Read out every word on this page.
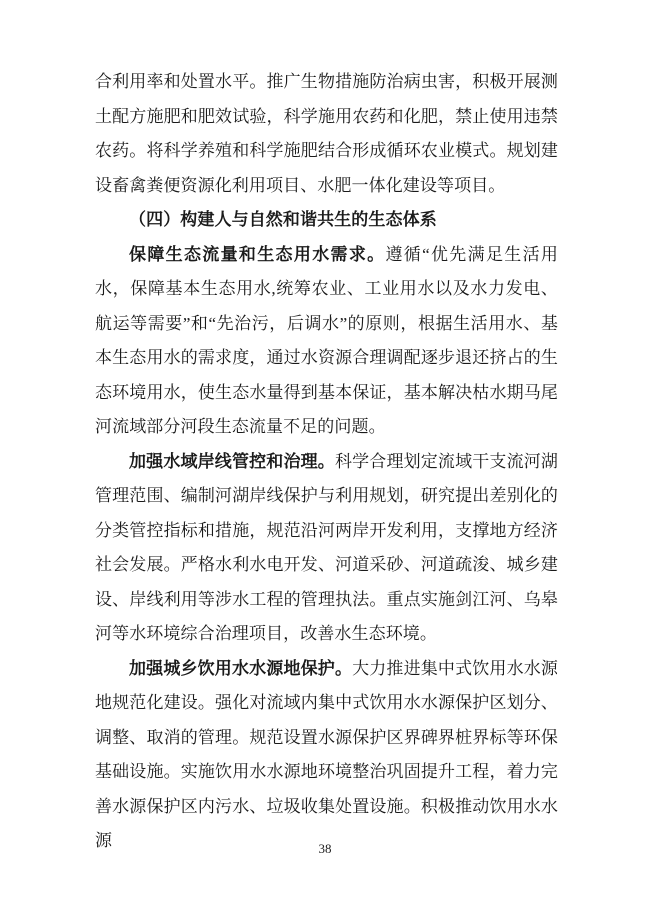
合利用率和处置水平。推广生物措施防治病虫害，积极开展测土配方施肥和肥效试验，科学施用农药和化肥，禁止使用违禁农药。将科学养殖和科学施肥结合形成循环农业模式。规划建设畜禽粪便资源化利用项目、水肥一体化建设等项目。

（四）构建人与自然和谐共生的生态体系

保障生态流量和生态用水需求。遵循“优先满足生活用水，保障基本生态用水,统筹农业、工业用水以及水力发电、航运等需要”和“先治污，后调水”的原则，根据生活用水、基本生态用水的需求度，通过水资源合理调配逐步退还挤占的生态环境用水，使生态水量得到基本保证，基本解决枯水期马尾河流域部分河段生态流量不足的问题。

加强水域岸线管控和治理。科学合理划定流域干支流河湖管理范围、编制河湖岸线保护与利用规划，研究提出差别化的分类管控指标和措施，规范沿河两岸开发利用，支撑地方经济社会发展。严格水利水电开发、河道采砂、河道疏浚、城乡建设、岸线利用等涉水工程的管理执法。重点实施剑江河、乌皋河等水环境综合治理项目，改善水生态环境。

加强城乡饮用水水源地保护。大力推进集中式饮用水水源地规范化建设。强化对流域内集中式饮用水水源保护区划分、调整、取消的管理。规范设置水源保护区界碑界桩界标等环保基础设施。实施饮用水水源地环境整治巩固提升工程，着力完善水源保护区内污水、垃圾收集处置设施。积极推动饮用水水源	38
